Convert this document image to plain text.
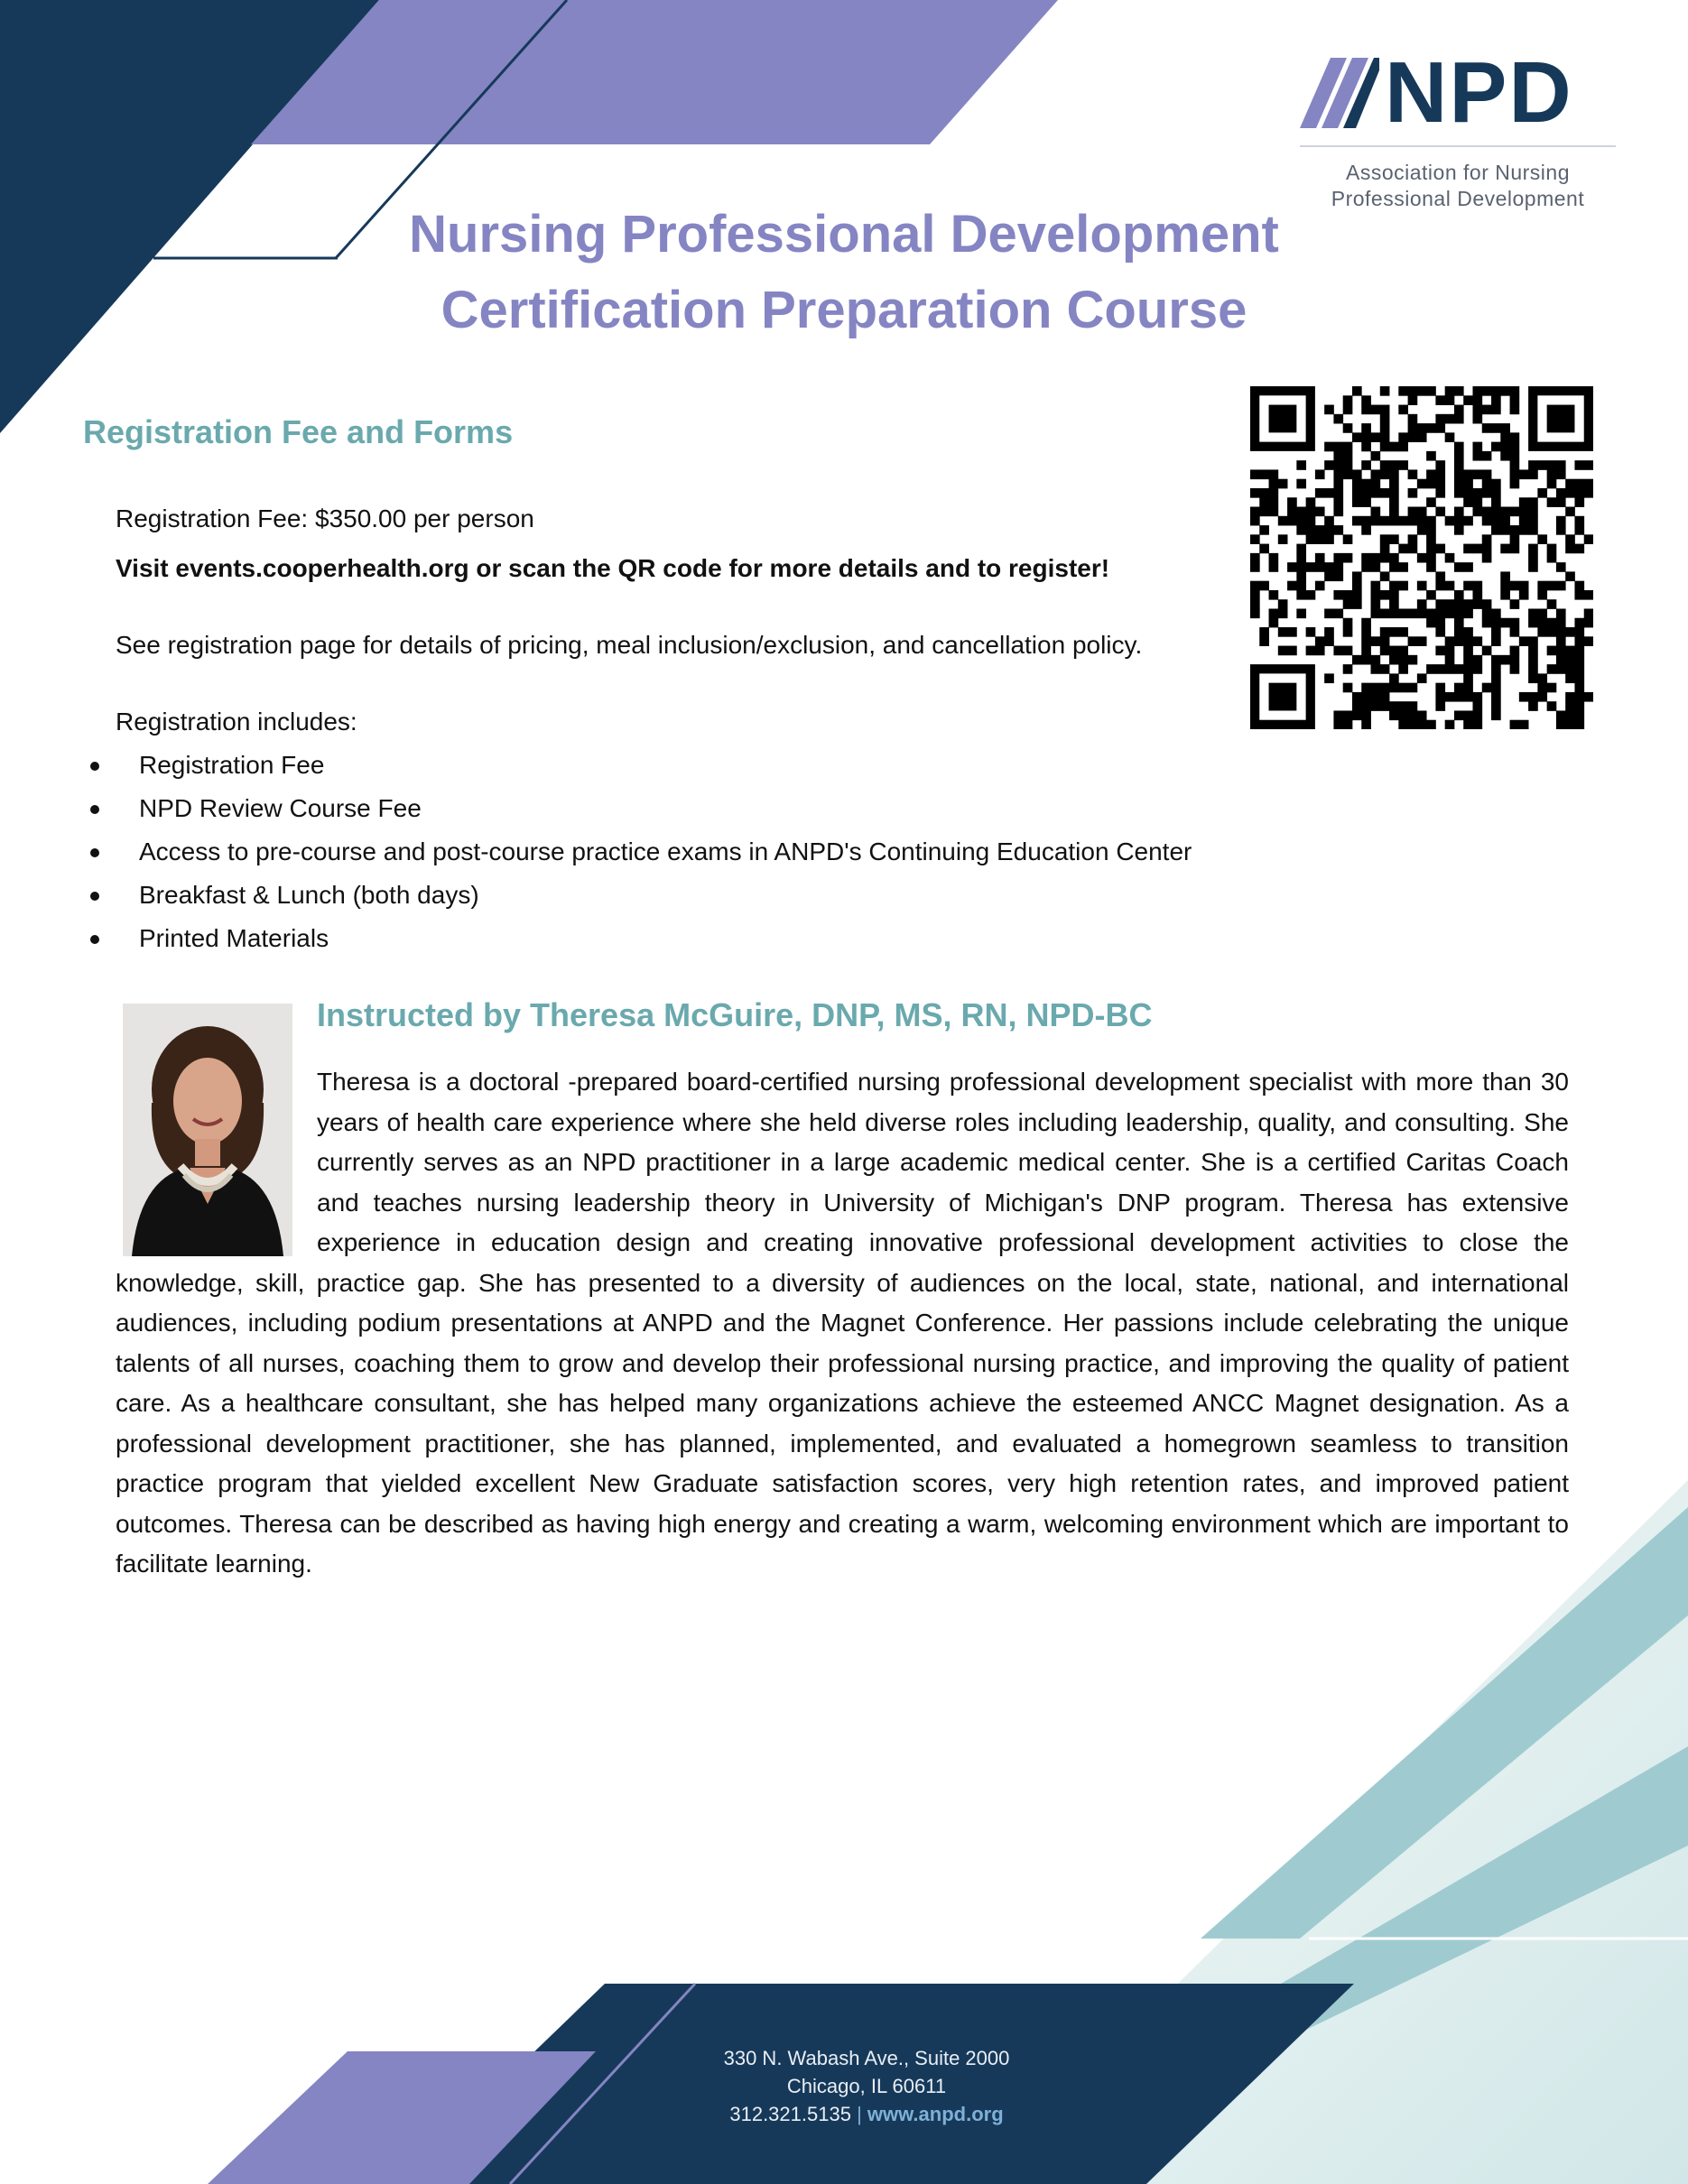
NPD
Association for Nursing
Professional Development
Nursing Professional Development
Certification Preparation Course
Registration Fee and Forms
Registration Fee: $350.00 per person
Visit events.cooperhealth.org or scan the QR code for more details and to register!
See registration page for details of pricing, meal inclusion/exclusion, and cancellation policy.
Registration includes:
Registration Fee
NPD Review Course Fee
Access to pre-course and post-course practice exams in ANPD's Continuing Education Center
Breakfast & Lunch (both days)
Printed Materials
Instructed by Theresa McGuire, DNP, MS, RN, NPD-BC
Theresa is a doctoral -prepared board-certified nursing professional development specialist with more than 30 years of health care experience where she held diverse roles including leadership, quality, and consulting. She currently serves as an NPD practitioner in a large academic medical center. She is a certified Caritas Coach and teaches nursing leadership theory in University of Michigan's DNP program. Theresa has extensive experience in education design and creating innovative professional development activities to close the knowledge, skill, practice gap. She has presented to a diversity of audiences on the local, state, national, and international audiences, including podium presentations at ANPD and the Magnet Conference. Her passions include celebrating the unique talents of all nurses, coaching them to grow and develop their professional nursing practice, and improving the quality of patient care. As a healthcare consultant, she has helped many organizations achieve the esteemed ANCC Magnet designation. As a professional development practitioner, she has planned, implemented, and evaluated a homegrown seamless to transition practice program that yielded excellent New Graduate satisfaction scores, very high retention rates, and improved patient outcomes. Theresa can be described as having high energy and creating a warm, welcoming environment which are important to facilitate learning.
330 N. Wabash Ave., Suite 2000
Chicago, IL 60611
312.321.5135 | www.anpd.org
